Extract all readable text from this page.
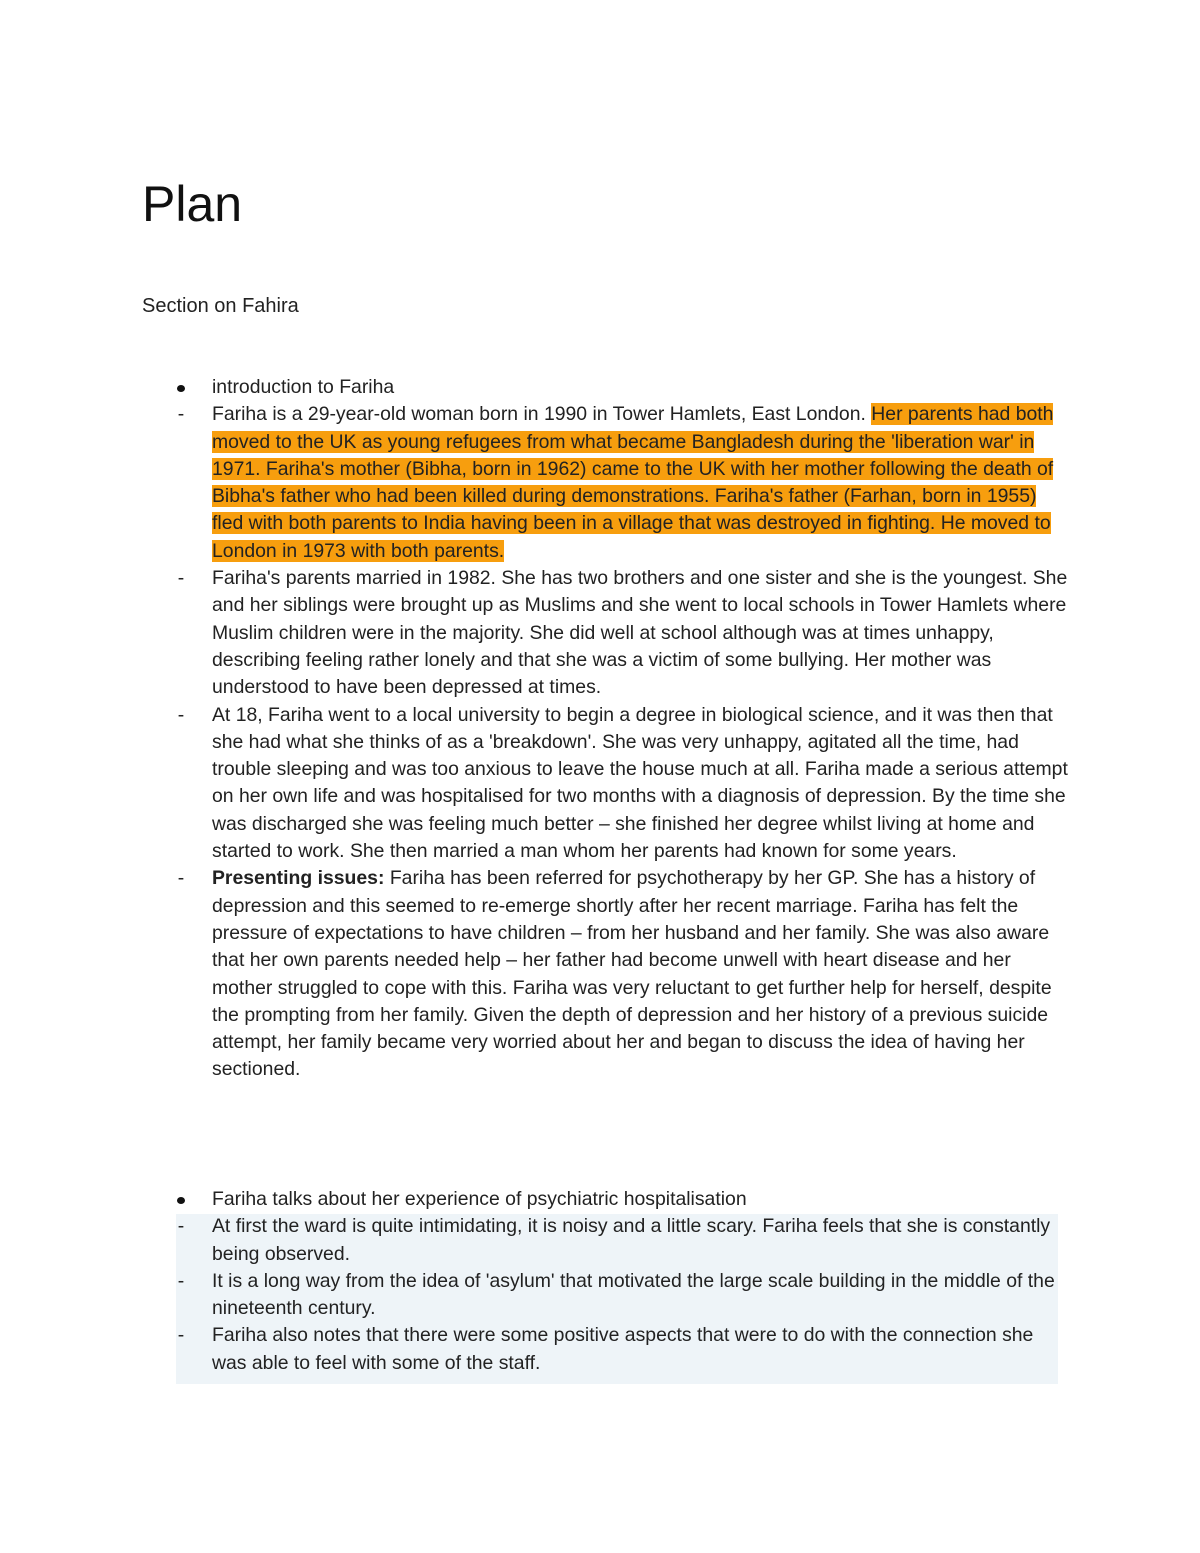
Plan

Section on Fahira

introduction to Fariha
- Fariha is a 29-year-old woman born in 1990 in Tower Hamlets, East London. Her parents had both moved to the UK as young refugees from what became Bangladesh during the 'liberation war' in 1971. Fariha's mother (Bibha, born in 1962) came to the UK with her mother following the death of Bibha's father who had been killed during demonstrations. Fariha's father (Farhan, born in 1955) fled with both parents to India having been in a village that was destroyed in fighting. He moved to London in 1973 with both parents.
- Fariha's parents married in 1982. She has two brothers and one sister and she is the youngest. She and her siblings were brought up as Muslims and she went to local schools in Tower Hamlets where Muslim children were in the majority. She did well at school although was at times unhappy, describing feeling rather lonely and that she was a victim of some bullying. Her mother was understood to have been depressed at times.
- At 18, Fariha went to a local university to begin a degree in biological science, and it was then that she had what she thinks of as a 'breakdown'. She was very unhappy, agitated all the time, had trouble sleeping and was too anxious to leave the house much at all. Fariha made a serious attempt on her own life and was hospitalised for two months with a diagnosis of depression. By the time she was discharged she was feeling much better – she finished her degree whilst living at home and started to work. She then married a man whom her parents had known for some years.
- Presenting issues: Fariha has been referred for psychotherapy by her GP. She has a history of depression and this seemed to re-emerge shortly after her recent marriage. Fariha has felt the pressure of expectations to have children – from her husband and her family. She was also aware that her own parents needed help – her father had become unwell with heart disease and her mother struggled to cope with this. Fariha was very reluctant to get further help for herself, despite the prompting from her family. Given the depth of depression and her history of a previous suicide attempt, her family became very worried about her and began to discuss the idea of having her sectioned.
Fariha talks about her experience of psychiatric hospitalisation
- At first the ward is quite intimidating, it is noisy and a little scary. Fariha feels that she is constantly being observed.
- It is a long way from the idea of 'asylum' that motivated the large scale building in the middle of the nineteenth century.
- Fariha also notes that there were some positive aspects that were to do with the connection she was able to feel with some of the staff.
